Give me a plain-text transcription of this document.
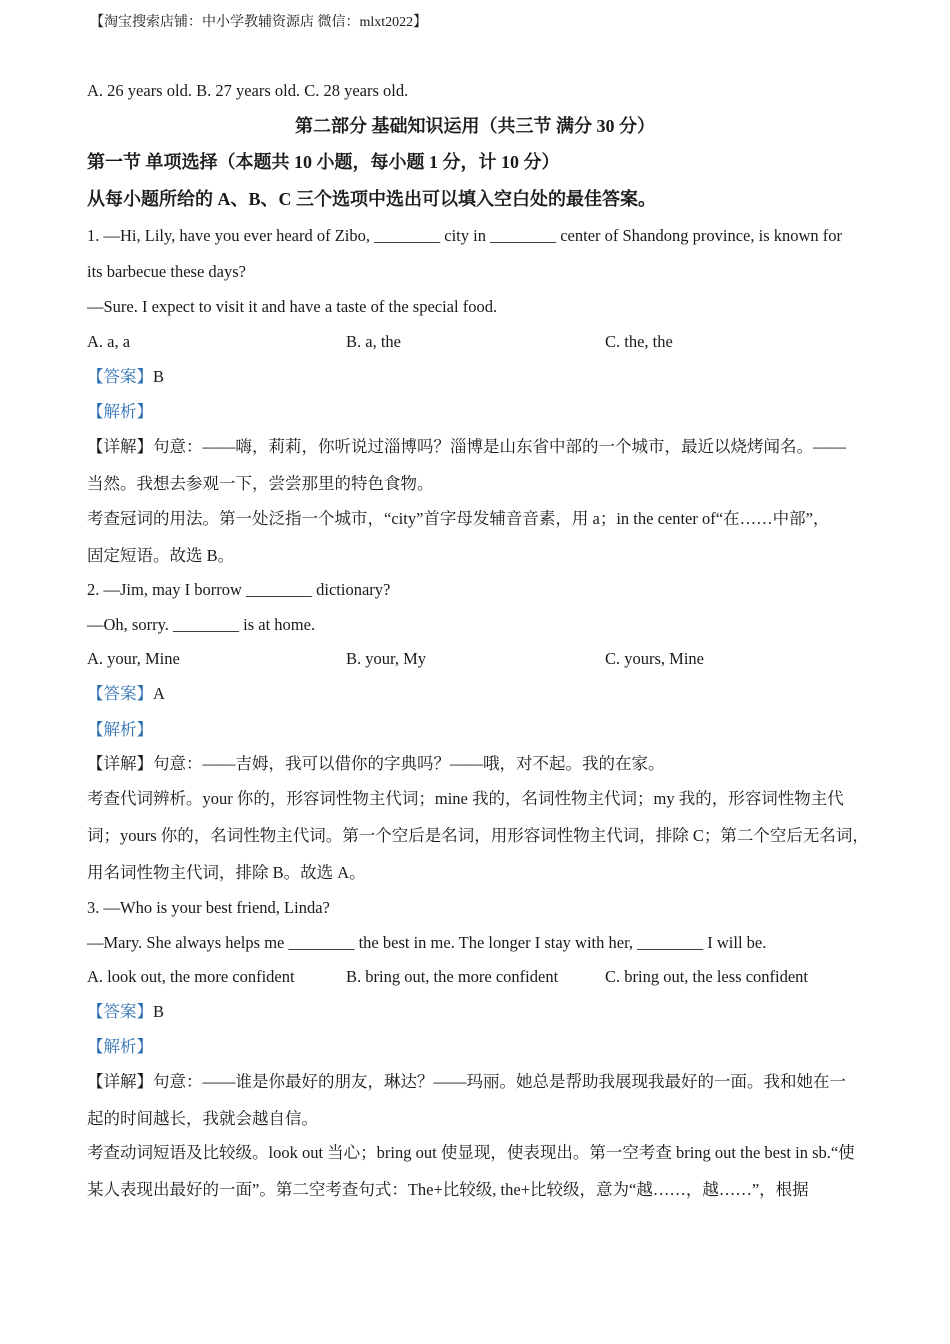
【淘宝搜索店铺：中小学教辅资源店 微信：mlxt2022】
A. 26 years old. B. 27 years old. C. 28 years old.
第二部分 基础知识运用（共三节 满分 30 分）
第一节 单项选择（本题共 10 小题，每小题 1 分，计 10 分）
从每小题所给的 A、B、C 三个选项中选出可以填入空白处的最佳答案。
1. —Hi, Lily, have you ever heard of Zibo, ________ city in ________ center of Shandong province, is known for
its barbecue these days?
—Sure. I expect to visit it and have a taste of the special food.
A. a, a	B. a, the	C. the, the
【答案】B
【解析】
【详解】句意：——嗨，莉莉，你听说过淄博吗？淄博是山东省中部的一个城市，最近以烧烤闻名。——
当然。我想去参观一下，尝尝那里的特色食物。
考查冠词的用法。第一处泛指一个城市，“city”首字母发辅音音素，用 a；in the center of“在……中部”，
固定短语。故选 B。
2. —Jim, may I borrow ________ dictionary?
—Oh, sorry. ________ is at home.
A. your, Mine	B. your, My	C. yours, Mine
【答案】A
【解析】
【详解】句意：——吉姆，我可以借你的字典吗？——哦，对不起。我的在家。
考查代词辨析。your 你的，形容词性物主代词；mine 我的，名词性物主代词；my 我的，形容词性物主代
词；yours 你的，名词性物主代词。第一个空后是名词，用形容词性物主代词，排除 C；第二个空后无名词，
用名词性物主代词，排除 B。故选 A。
3. —Who is your best friend, Linda?
—Mary. She always helps me ________ the best in me. The longer I stay with her, ________ I will be.
A. look out, the more confident	B. bring out, the more confident	C. bring out, the less confident
【答案】B
【解析】
【详解】句意：——谁是你最好的朋友，琳达？——玛丽。她总是帮助我展现我最好的一面。我和她在一
起的时间越长，我就会越自信。
考查动词短语及比较级。look out 当心；bring out 使显现，使表现出。第一空考查 bring out the best in sb.“使
某人表现出最好的一面”。第二空考查句式：The+比较级, the+比较级，意为“越……，越……”，根据
